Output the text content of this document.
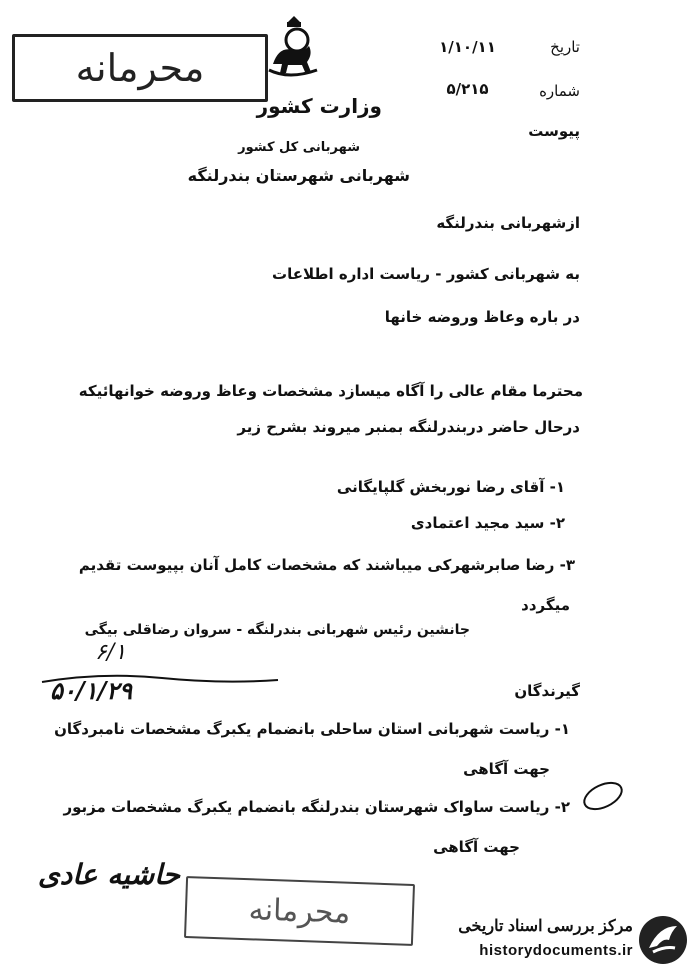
محرمانه
وزارت کشور
شهربانی کل کشور
شهربانی شهرستان بندرلنگه
تاریخ
۱/۱۰/۱۱
شماره
۵/۲۱۵
پیوست
ازشهربانی بندرلنگه
به شهربانی کشور - ریاست اداره اطلاعات
در باره وعاظ وروضه خانها
محترما مقام عالی را آگاه میسازد مشخصات وعاظ وروضه خوانهائیکه
درحال حاضر دربندرلنگه بمنبر میروند بشرح زیر
۱- آقای رضا نوربخش گلپایگانی
۲- سید مجید اعتمادی
۳- رضا صابرشهرکی میباشند که مشخصات کامل آنان بپیوست تقدیم
میگردد
جانشین رئیس شهربانی بندرلنگه - سروان رضاقلی بیگی
۶/۱
۵۰/۱/۲۹	گیرندگان
۱- ریاست شهربانی استان ساحلی بانضمام یکبرگ مشخصات نامبردگان
جهت آگاهی
۲- ریاست ساواک شهرستان بندرلنگه بانضمام یکبرگ مشخصات مزبور
جهت آگاهی
حاشیه عادی
محرمانه	مرکز بررسی اسناد تاریخی
historydocuments.ir
